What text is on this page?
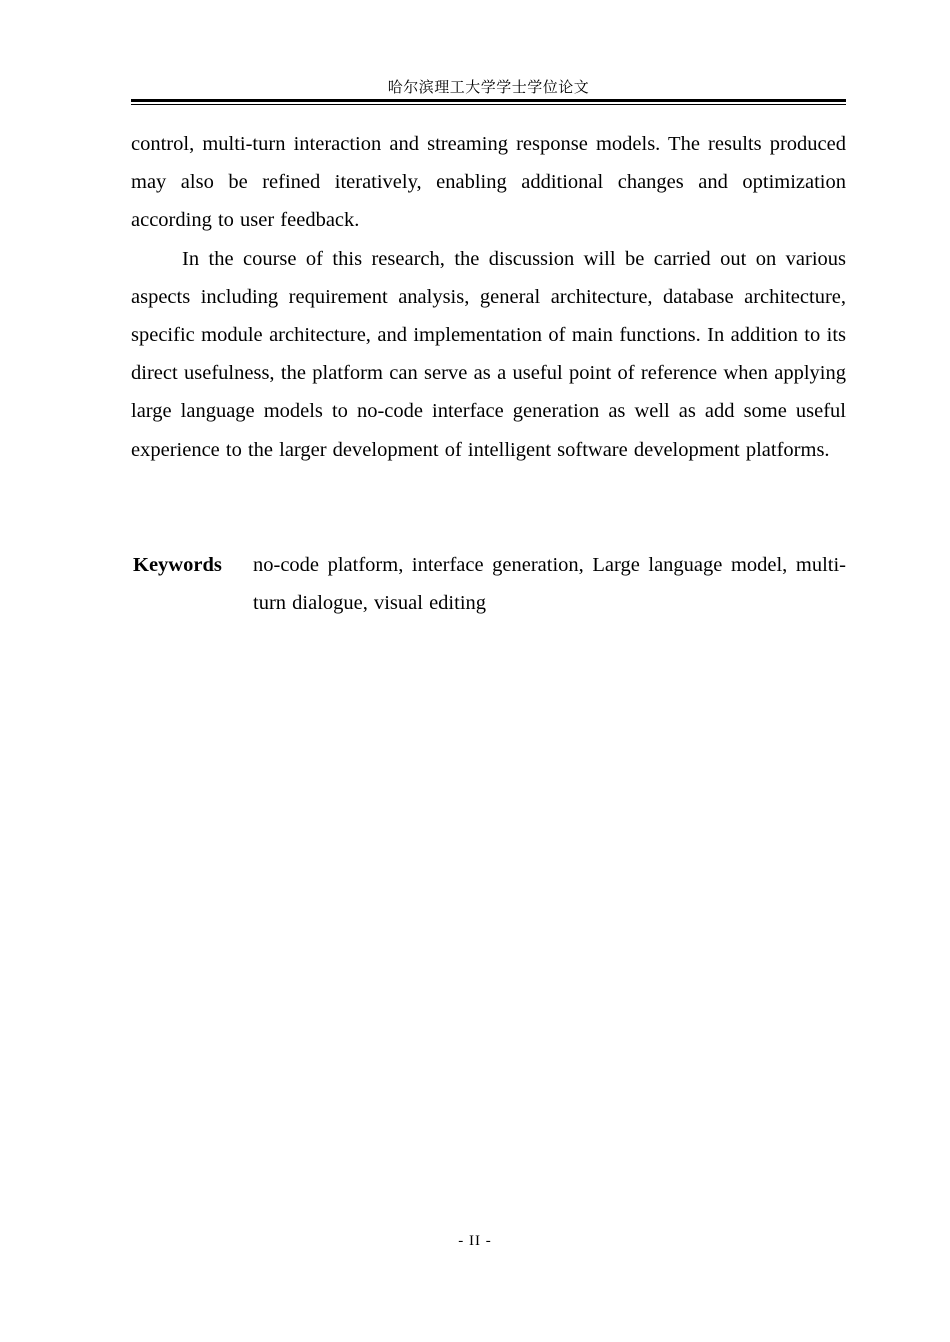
哈尔滨理工大学学士学位论文

control, multi-turn interaction and streaming response models. The results produced may also be refined iteratively, enabling additional changes and optimization according to user feedback.

In the course of this research, the discussion will be carried out on various aspects including requirement analysis, general architecture, database architecture, specific module architecture, and implementation of main functions. In addition to its direct usefulness, the platform can serve as a useful point of reference when applying large language models to no-code interface generation as well as add some useful experience to the larger development of intelligent software development platforms.

Keywords	no-code platform, interface generation, Large language model, multi-turn dialogue, visual editing
- II -
